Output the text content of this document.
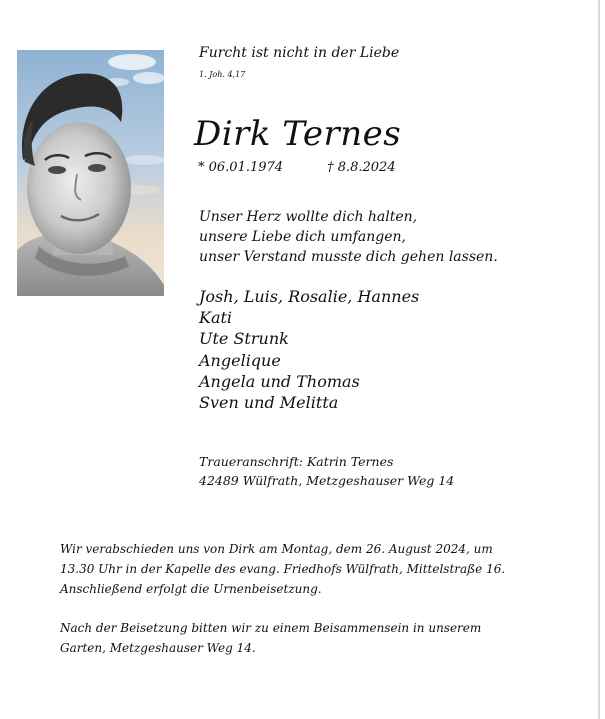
Furcht ist nicht in der Liebe
1. Joh. 4,17
Dirk Ternes
* 06.01.1974	† 8.8.2024
Unser Herz wollte dich halten,
unsere Liebe dich umfangen,
unser Verstand musste dich gehen lassen.
Josh, Luis, Rosalie, Hannes
Kati
Ute Strunk
Angelique
Angela und Thomas
Sven und Melitta
Traueranschrift: Katrin Ternes
42489 Wülfrath, Metzgeshauser Weg 14
Wir verabschieden uns von Dirk am Montag, dem 26. August 2024, um
13.30 Uhr in der Kapelle des evang. Friedhofs Wülfrath, Mittelstraße 16.
Anschließend erfolgt die Urnenbeisetzung.
Nach der Beisetzung bitten wir zu einem Beisammensein in unserem
Garten, Metzgeshauser Weg 14.
